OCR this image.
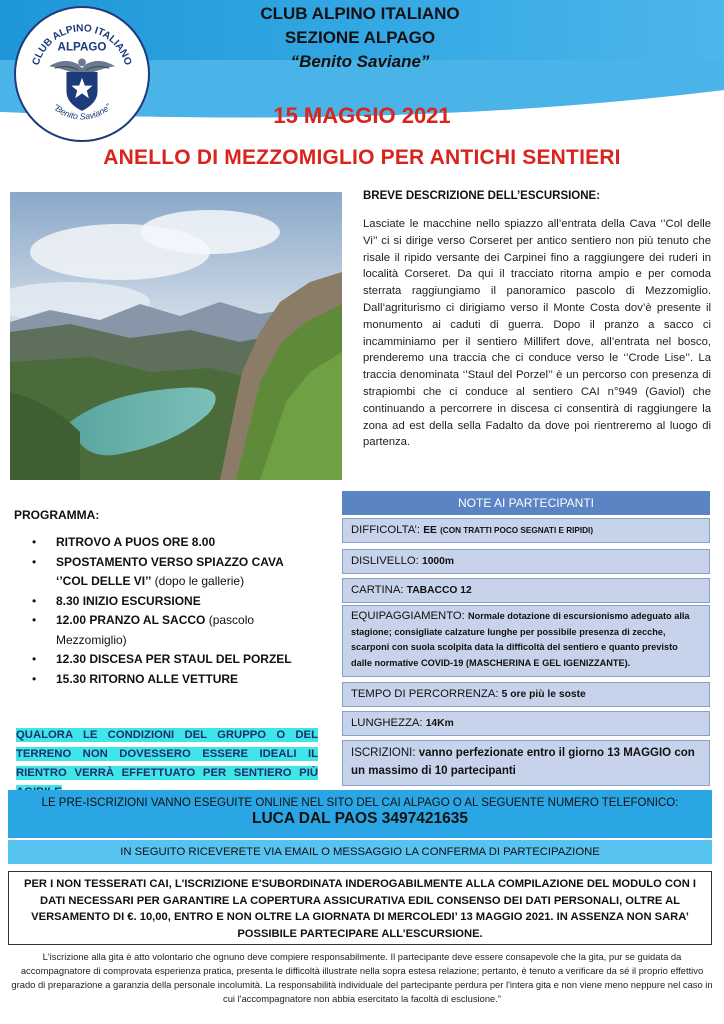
CLUB ALPINO ITALIANO
ALPAGO
"Benito Saviane"
CLUB ALPINO ITALIANO
SEZIONE ALPAGO
“Benito Saviane”
15 MAGGIO 2021
ANELLO DI MEZZOMIGLIO PER ANTICHI SENTIERI
BREVE DESCRIZIONE DELL’ESCURSIONE:
Lasciate le macchine nello spiazzo all’entrata della Cava ‘’Col delle Vi’’ ci si dirige verso Corseret per antico sentiero non più tenuto che risale il ripido versante dei Carpinei fino a raggiungere dei ruderi in località Corseret. Da qui il tracciato ritorna ampio e per comoda sterrata raggiungiamo il panoramico pascolo di Mezzomiglio. Dall’agriturismo ci dirigiamo verso il Monte Costa dov’è presente il monumento ai caduti di guerra. Dopo il pranzo a sacco ci incamminiamo per il sentiero Millifert dove, all’entrata nel bosco, prenderemo una traccia che ci conduce verso le ‘’Crode Lise’’. La traccia denominata ‘’Staul del Porzel’’ è un percorso con presenza di strapiombi che ci conduce al sentiero CAI n°949 (Gaviol) che continuando a percorrere in discesa ci consentirà di raggiungere la zona ad est della sella Fadalto da dove poi rientreremo al luogo di partenza.
PROGRAMMA:
• RITROVO A PUOS ORE 8.00
• SPOSTAMENTO VERSO SPIAZZO CAVA ‘’COL DELLE VI’’ (dopo le gallerie)
• 8.30 INIZIO ESCURSIONE
• 12.00 PRANZO AL SACCO (pascolo Mezzomiglio)
• 12.30 DISCESA PER STAUL DEL PORZEL
• 15.30 RITORNO ALLE VETTURE
QUALORA LE CONDIZIONI DEL GRUPPO O DEL TERRENO NON DOVESSERO ESSERE IDEALI IL RIENTRO VERRÀ EFFETTUATO PER SENTIERO PIÙ
NOTE AI PARTECIPANTI
DIFFICOLTA’: EE (CON TRATTI POCO SEGNATI E RIPIDI)
DISLIVELLO: 1000m
CARTINA: TABACCO 12
EQUIPAGGIAMENTO: Normale dotazione di escursionismo adeguato alla stagione; consigliate calzature lunghe per possibile presenza di zecche, scarponi con suola scolpita data la difficoltà del sentiero e quanto previsto dalle normative COVID-19 (MASCHERINA E GEL IGENIZZANTE).
TEMPO DI PERCORRENZA: 5 ore più le soste
LUNGHEZZA: 14Km
ISCRIZIONI: vanno perfezionate entro il giorno 13 MAGGIO con un massimo di 10 partecipanti
LE PRE-ISCRIZIONI VANNO ESEGUITE ONLINE NEL SITO DEL CAI ALPAGO O AL SEGUENTE NUMERO TELEFONICO:
LUCA DAL PAOS 3497421635
IN SEGUITO RICEVERETE VIA EMAIL O MESSAGGIO LA CONFERMA DI PARTECIPAZIONE
PER I NON TESSERATI CAI, L'ISCRIZIONE E'SUBORDINATA INDEROGABILMENTE ALLA COMPILAZIONE DEL MODULO CON I DATI NECESSARI PER GARANTIRE LA COPERTURA ASSICURATIVA EDIL CONSENSO DEI DATI PERSONALI, OLTRE AL VERSAMENTO DI €. 10,00, ENTRO E NON OLTRE LA GIORNATA DI MERCOLEDI’ 13 MAGGIO 2021. IN ASSENZA NON SARA’ POSSIBILE PARTECIPARE ALL’ESCURSIONE.
L'iscrizione alla gita è atto volontario che ognuno deve compiere responsabilmente. Il partecipante deve essere consapevole che la gita, pur se guidata da accompagnatore di comprovata esperienza pratica, presenta le difficoltà illustrate nella sopra estesa relazione; pertanto, è tenuto a verificare da sé il proprio effettivo grado di preparazione a garanzia della personale incolumità. La responsabilità individuale del partecipante perdura per l'intera gita e non viene meno neppure nel caso in cui l'accompagnatore non abbia esercitato la facoltà di esclusione.”
